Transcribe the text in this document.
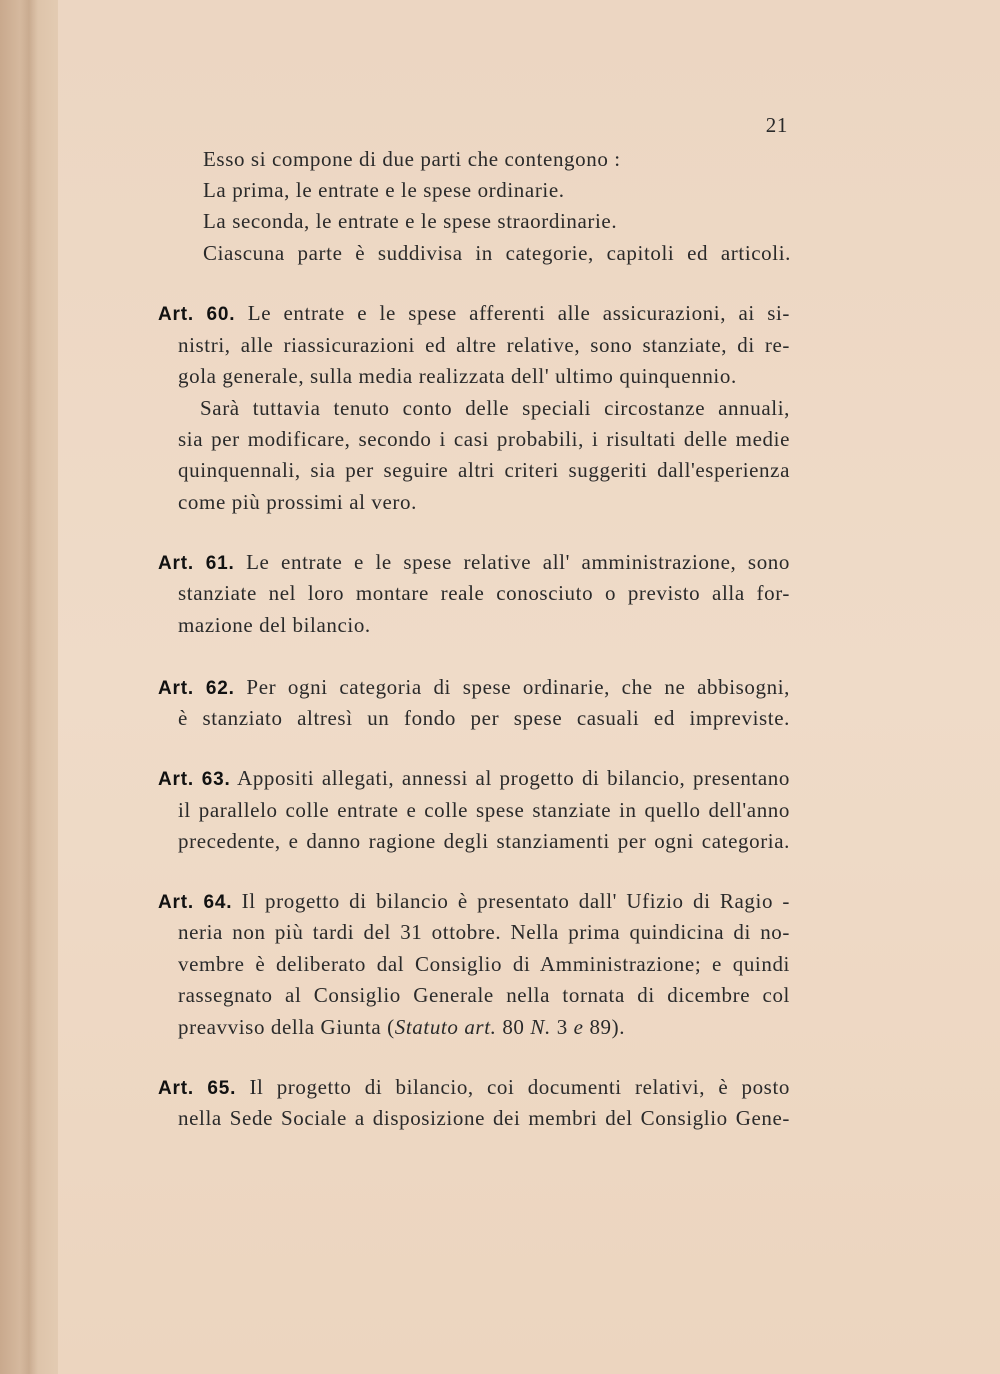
21
Esso si compone di due parti che contengono :
La prima, le entrate e le spese ordinarie.
La seconda, le entrate e le spese straordinarie.
Ciascuna parte è suddivisa in categorie, capitoli ed articoli.
Art. 60. Le entrate e le spese afferenti alle assicurazioni, ai si-
nistri, alle riassicurazioni ed altre relative, sono stanziate, di re-
gola generale, sulla media realizzata dell' ultimo quinquennio.
Sarà tuttavia tenuto conto delle speciali circostanze annuali,
sia per modificare, secondo i casi probabili, i risultati delle medie
quinquennali, sia per seguire altri criteri suggeriti dall'esperienza
come più prossimi al vero.
Art. 61. Le entrate e le spese relative all' amministrazione, sono
stanziate nel loro montare reale conosciuto o previsto alla for-
mazione del bilancio.
Art. 62. Per ogni categoria di spese ordinarie, che ne abbisogni,
è stanziato altresì un fondo per spese casuali ed impreviste.
Art. 63. Appositi allegati, annessi al progetto di bilancio, presentano
il parallelo colle entrate e colle spese stanziate in quello dell'anno
precedente, e danno ragione degli stanziamenti per ogni categoria.
Art. 64. Il progetto di bilancio è presentato dall' Ufizio di Ragio -
neria non più tardi del 31 ottobre. Nella prima quindicina di no-
vembre è deliberato dal Consiglio di Amministrazione; e quindi
rassegnato al Consiglio Generale nella tornata di dicembre col
preavviso della Giunta (Statuto art. 80 N. 3 e 89).
Art. 65. Il progetto di bilancio, coi documenti relativi, è posto
nella Sede Sociale a disposizione dei membri del Consiglio Gene-
